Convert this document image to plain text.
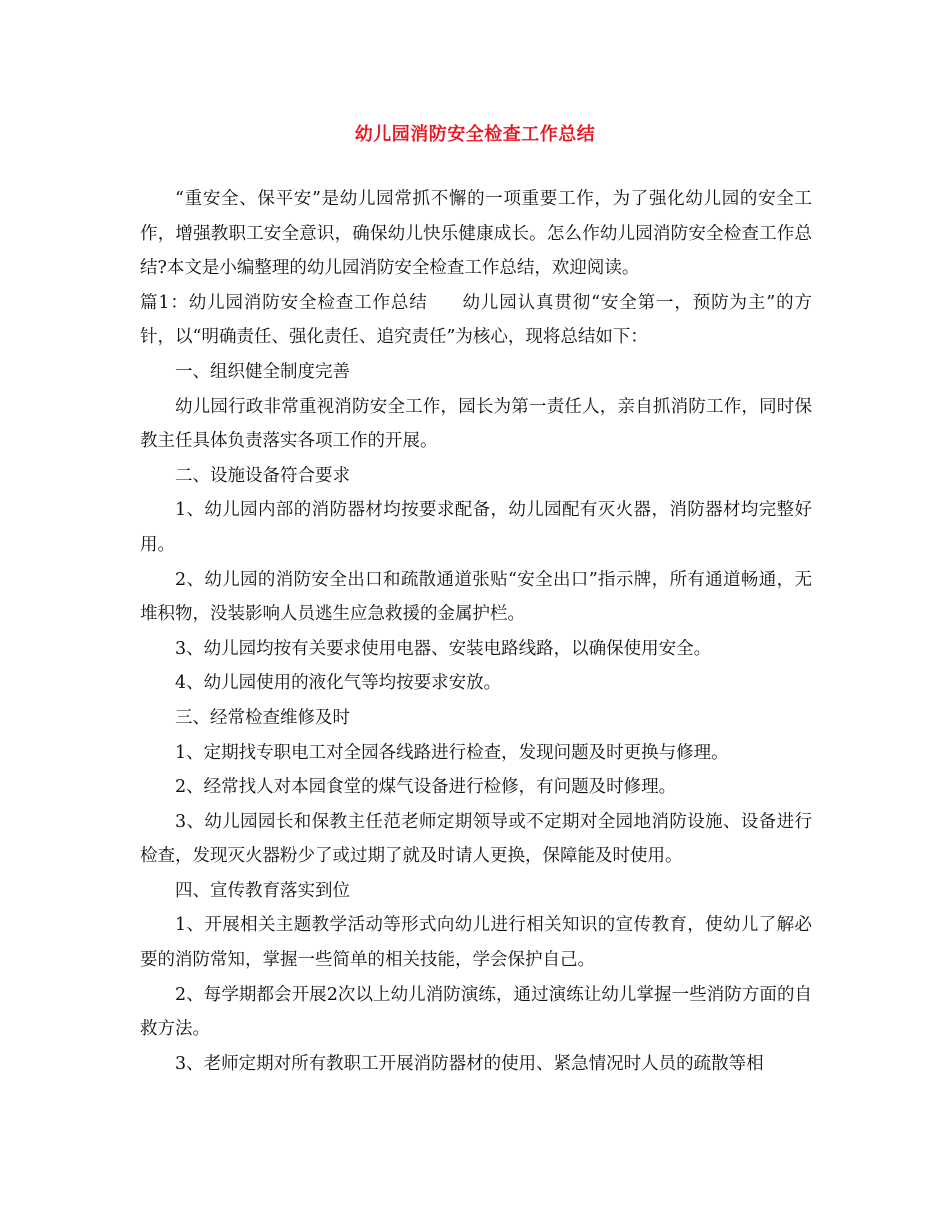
幼儿园消防安全检查工作总结

“重安全、保平安”是幼儿园常抓不懈的一项重要工作，为了强化幼儿园的安全工作，增强教职工安全意识，确保幼儿快乐健康成长。怎么作幼儿园消防安全检查工作总结?本文是小编整理的幼儿园消防安全检查工作总结，欢迎阅读。

篇1：幼儿园消防安全检查工作总结 幼儿园认真贯彻“安全第一，预防为主”的方针，以“明确责任、强化责任、追究责任”为核心，现将总结如下：

一、组织健全制度完善

幼儿园行政非常重视消防安全工作，园长为第一责任人，亲自抓消防工作，同时保教主任具体负责落实各项工作的开展。

二、设施设备符合要求

1、幼儿园内部的消防器材均按要求配备，幼儿园配有灭火器，消防器材均完整好用。

2、幼儿园的消防安全出口和疏散通道张贴“安全出口”指示牌，所有通道畅通，无堆积物，没装影响人员逃生应急救援的金属护栏。

3、幼儿园均按有关要求使用电器、安装电路线路，以确保使用安全。

4、幼儿园使用的液化气等均按要求安放。

三、经常检查维修及时

1、定期找专职电工对全园各线路进行检查，发现问题及时更换与修理。

2、经常找人对本园食堂的煤气设备进行检修，有问题及时修理。

3、幼儿园园长和保教主任范老师定期领导或不定期对全园地消防设施、设备进行检查，发现灭火器粉少了或过期了就及时请人更换，保障能及时使用。

四、宣传教育落实到位

1、开展相关主题教学活动等形式向幼儿进行相关知识的宣传教育，使幼儿了解必要的消防常知，掌握一些简单的相关技能，学会保护自己。

2、每学期都会开展2次以上幼儿消防演练，通过演练让幼儿掌握一些消防方面的自救方法。

3、老师定期对所有教职工开展消防器材的使用、紧急情况时人员的疏散等相
